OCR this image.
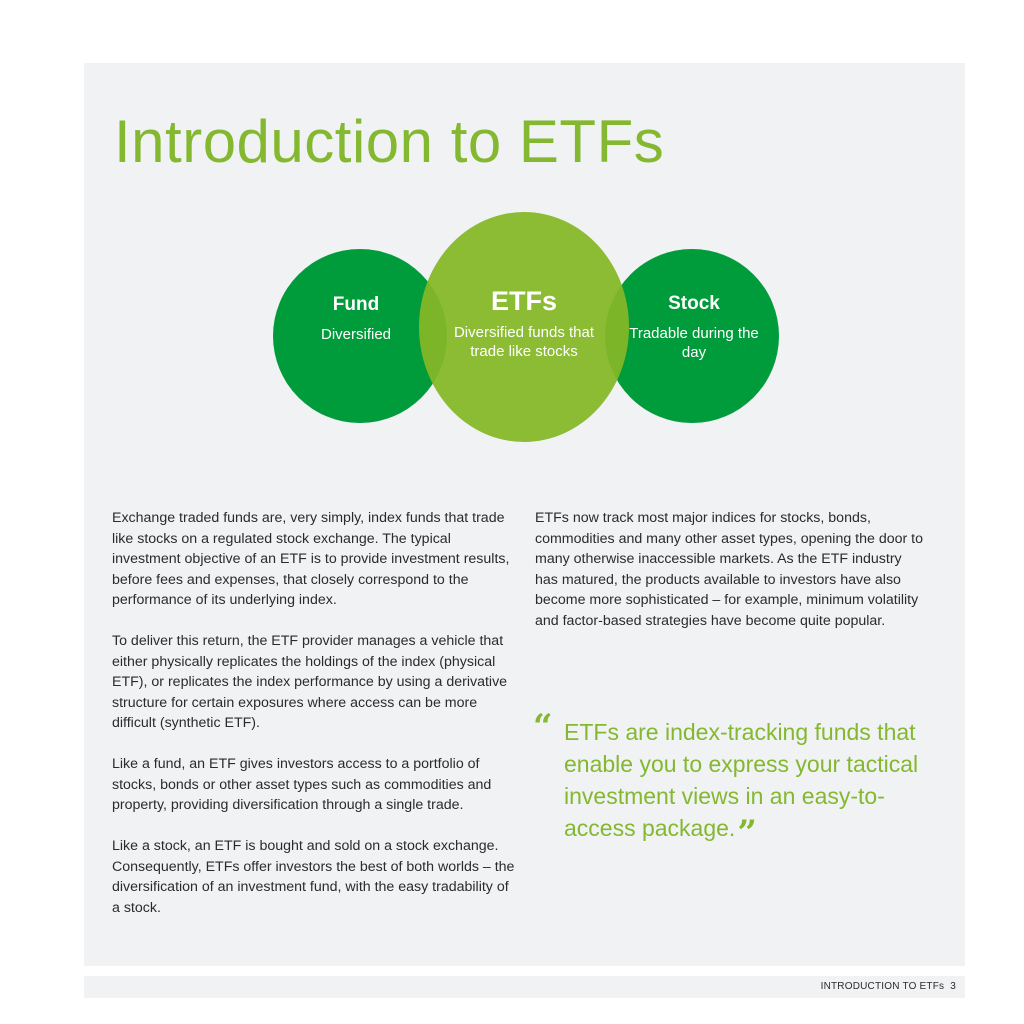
Introduction to ETFs
Fund
Diversified
ETFs
Diversified funds that trade like stocks
Stock
Tradable during the day

Exchange traded funds are, very simply, index funds that trade like stocks on a regulated stock exchange. The typical investment objective of an ETF is to provide investment results, before fees and expenses, that closely correspond to the performance of its underlying index.

To deliver this return, the ETF provider manages a vehicle that either physically replicates the holdings of the index (physical ETF), or replicates the index performance by using a derivative structure for certain exposures where access can be more difficult (synthetic ETF).

Like a fund, an ETF gives investors access to a portfolio of stocks, bonds or other asset types such as commodities and property, providing diversification through a single trade.

Like a stock, an ETF is bought and sold on a stock exchange. Consequently, ETFs offer investors the best of both worlds – the diversification of an investment fund, with the easy tradability of a stock.

ETFs now track most major indices for stocks, bonds, commodities and many other asset types, opening the door to many otherwise inaccessible markets. As the ETF industry has matured, the products available to investors have also become more sophisticated – for example, minimum volatility and factor-based strategies have become quite popular.

“ ETFs are index-tracking funds that enable you to express your tactical investment views in an easy-to-access package.”
INTRODUCTION TO ETFs 3
